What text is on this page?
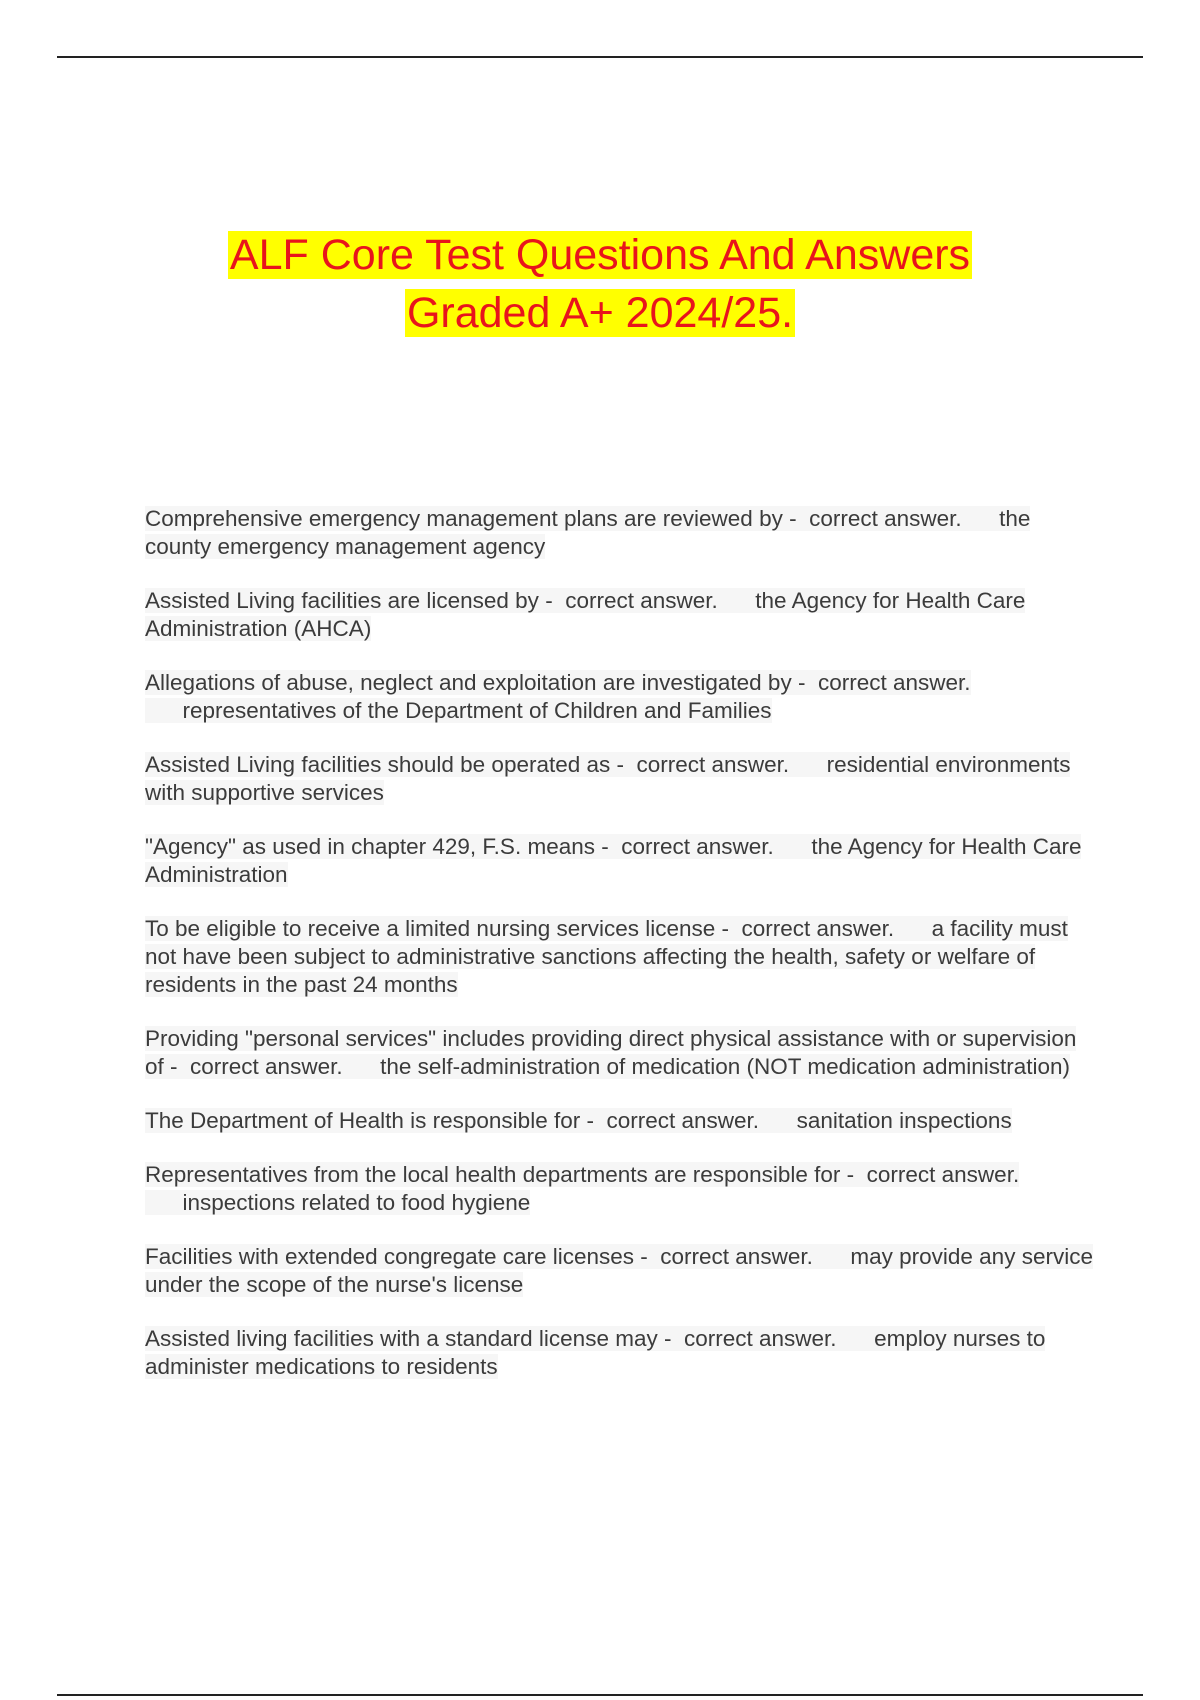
ALF Core Test Questions And Answers
Graded A+ 2024/25.

Comprehensive emergency management plans are reviewed by - correct answer. the county emergency management agency

Assisted Living facilities are licensed by - correct answer. the Agency for Health Care Administration (AHCA)

Allegations of abuse, neglect and exploitation are investigated by - correct answer.      representatives of the Department of Children and Families

Assisted Living facilities should be operated as - correct answer. residential environments with supportive services

"Agency" as used in chapter 429, F.S. means - correct answer. the Agency for Health Care Administration

To be eligible to receive a limited nursing services license - correct answer. a facility must not have been subject to administrative sanctions affecting the health, safety or welfare of residents in the past 24 months

Providing "personal services" includes providing direct physical assistance with or supervision of - correct answer. the self-administration of medication (NOT medication administration)

The Department of Health is responsible for - correct answer. sanitation inspections

Representatives from the local health departments are responsible for - correct answer.      inspections related to food hygiene

Facilities with extended congregate care licenses - correct answer. may provide any service under the scope of the nurse's license

Assisted living facilities with a standard license may - correct answer. employ nurses to administer medications to residents
